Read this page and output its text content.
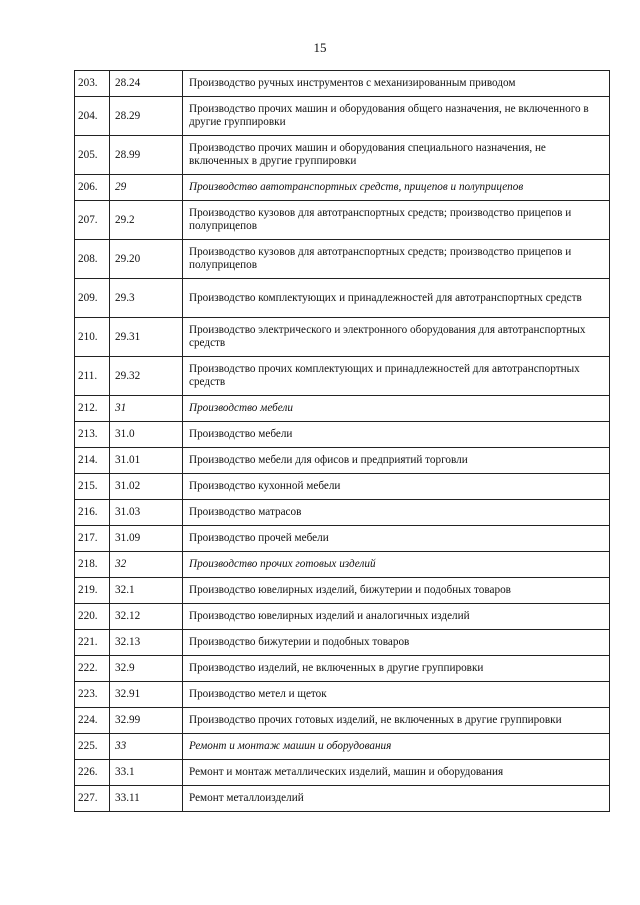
15
203.	28.24	Производство ручных инструментов с механизированным приводом
204.	28.29	Производство прочих машин и оборудования общего назначения, не включенного в другие группировки
205.	28.99	Производство прочих машин и оборудования специального назначения, не включенных в другие группировки
206.	29	Производство автотранспортных средств, прицепов и полуприцепов
207.	29.2	Производство кузовов для автотранспортных средств; производство прицепов и полуприцепов
208.	29.20	Производство кузовов для автотранспортных средств; производство прицепов и полуприцепов
209.	29.3	Производство комплектующих и принадлежностей для автотранспортных средств
210.	29.31	Производство электрического и электронного оборудования для автотранспортных средств
211.	29.32	Производство прочих комплектующих и принадлежностей для автотранспортных средств
212.	31	Производство мебели
213.	31.0	Производство мебели
214.	31.01	Производство мебели для офисов и предприятий торговли
215.	31.02	Производство кухонной мебели
216.	31.03	Производство матрасов
217.	31.09	Производство прочей мебели
218.	32	Производство прочих готовых изделий
219.	32.1	Производство ювелирных изделий, бижутерии и подобных товаров
220.	32.12	Производство ювелирных изделий и аналогичных изделий
221.	32.13	Производство бижутерии и подобных товаров
222.	32.9	Производство изделий, не включенных в другие группировки
223.	32.91	Производство метел и щеток
224.	32.99	Производство прочих готовых изделий, не включенных в другие группировки
225.	33	Ремонт и монтаж машин и оборудования
226.	33.1	Ремонт и монтаж металлических изделий, машин и оборудования
227.	33.11	Ремонт металлоизделий
